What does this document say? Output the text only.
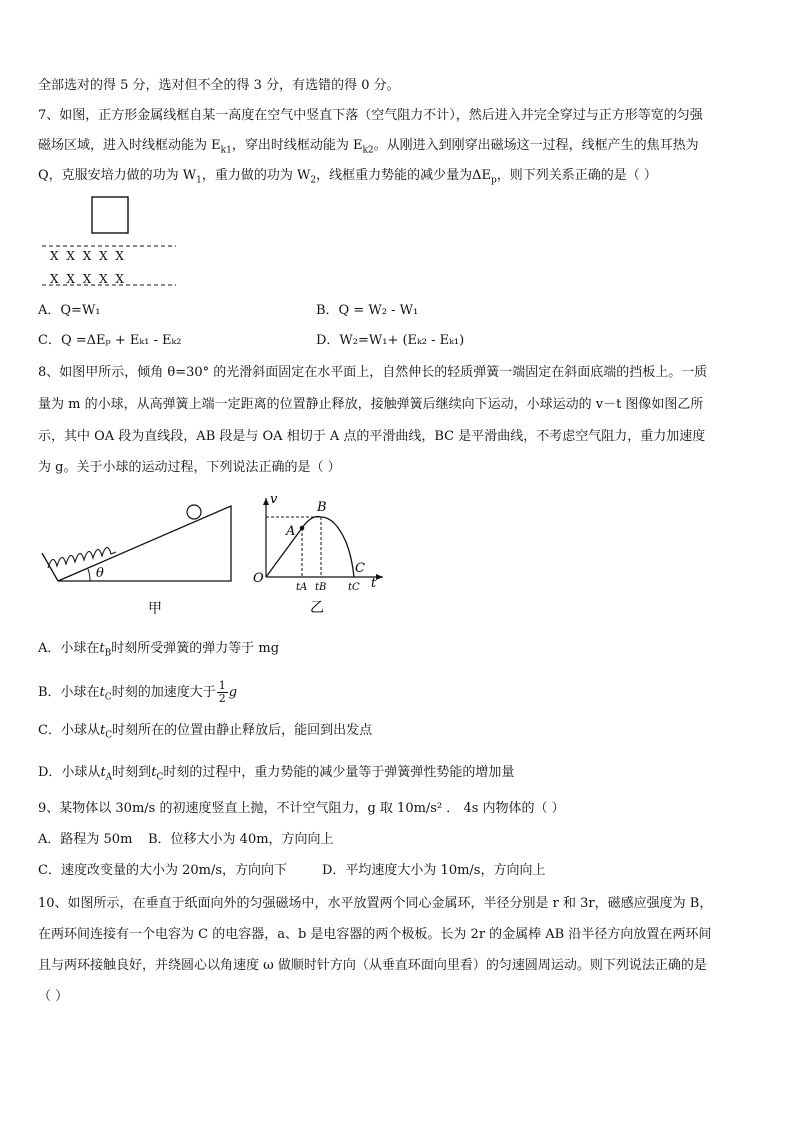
全部选对的得 5 分，选对但不全的得 3 分，有选错的得 0 分。
7、如图，正方形金属线框自某一高度在空气中竖直下落（空气阻力不计），然后进入并完全穿过与正方形等宽的匀强
磁场区域，进入时线框动能为 $E_{k1}$，穿出时线框动能为 $E_{k2}$。从刚进入到刚穿出磁场这一过程，线框产生的焦耳热为
Q，克服安培力做的功为 $W_1$，重力做的功为 $W_2$，线框重力势能的减少量为$\Delta E_p$，则下列关系正确的是（ ）
X X X X X
X X X X X
A．Q=W₁	B．Q = W₂ - W₁
C．Q =ΔEₚ + Eₖ₁ - Eₖ₂	D．W₂=W₁+ (Eₖ₂ - Eₖ₁)
8、如图甲所示，倾角 θ=30° 的光滑斜面固定在水平面上，自然伸长的轻质弹簧一端固定在斜面底端的挡板上。一质
量为 m 的小球，从高弹簧上端一定距离的位置静止释放，接触弹簧后继续向下运动，小球运动的 v－t 图像如图乙所
示，其中 OA 段为直线段，AB 段是与 OA 相切于 A 点的平滑曲线，BC 是平滑曲线，不考虑空气阻力，重力加速度
为 g。关于小球的运动过程，下列说法正确的是（ ）
θ
甲
v
t
O
A
B
C
tA tB tC
乙
A．小球在$t_B$时刻所受弹簧的弹力等于 mg
B．小球在$t_C$时刻的加速度大于 $\frac{1}{2}$ g
C．小球从$t_C$时刻所在的位置由静止释放后，能回到出发点
D．小球从$t_A$时刻到$t_C$时刻的过程中，重力势能的减少量等于弹簧弹性势能的增加量
9、某物体以 30m/s 的初速度竖直上抛，不计空气阻力，g 取 10m/s² ． 4s 内物体的（ ）
A．路程为 50m B．位移大小为 40m，方向向上
C．速度改变量的大小为 20m/s，方向向下	D．平均速度大小为 10m/s，方向向上
10、如图所示，在垂直于纸面向外的匀强磁场中，水平放置两个同心金属环，半径分别是 r 和 3r，磁感应强度为 B，
在两环间连接有一个电容为 C 的电容器，a、b 是电容器的两个极板。长为 2r 的金属棒 AB 沿半径方向放置在两环间
且与两环接触良好，并绕圆心以角速度 ω 做顺时针方向（从垂直环面向里看）的匀速圆周运动。则下列说法正确的是
（ ）
